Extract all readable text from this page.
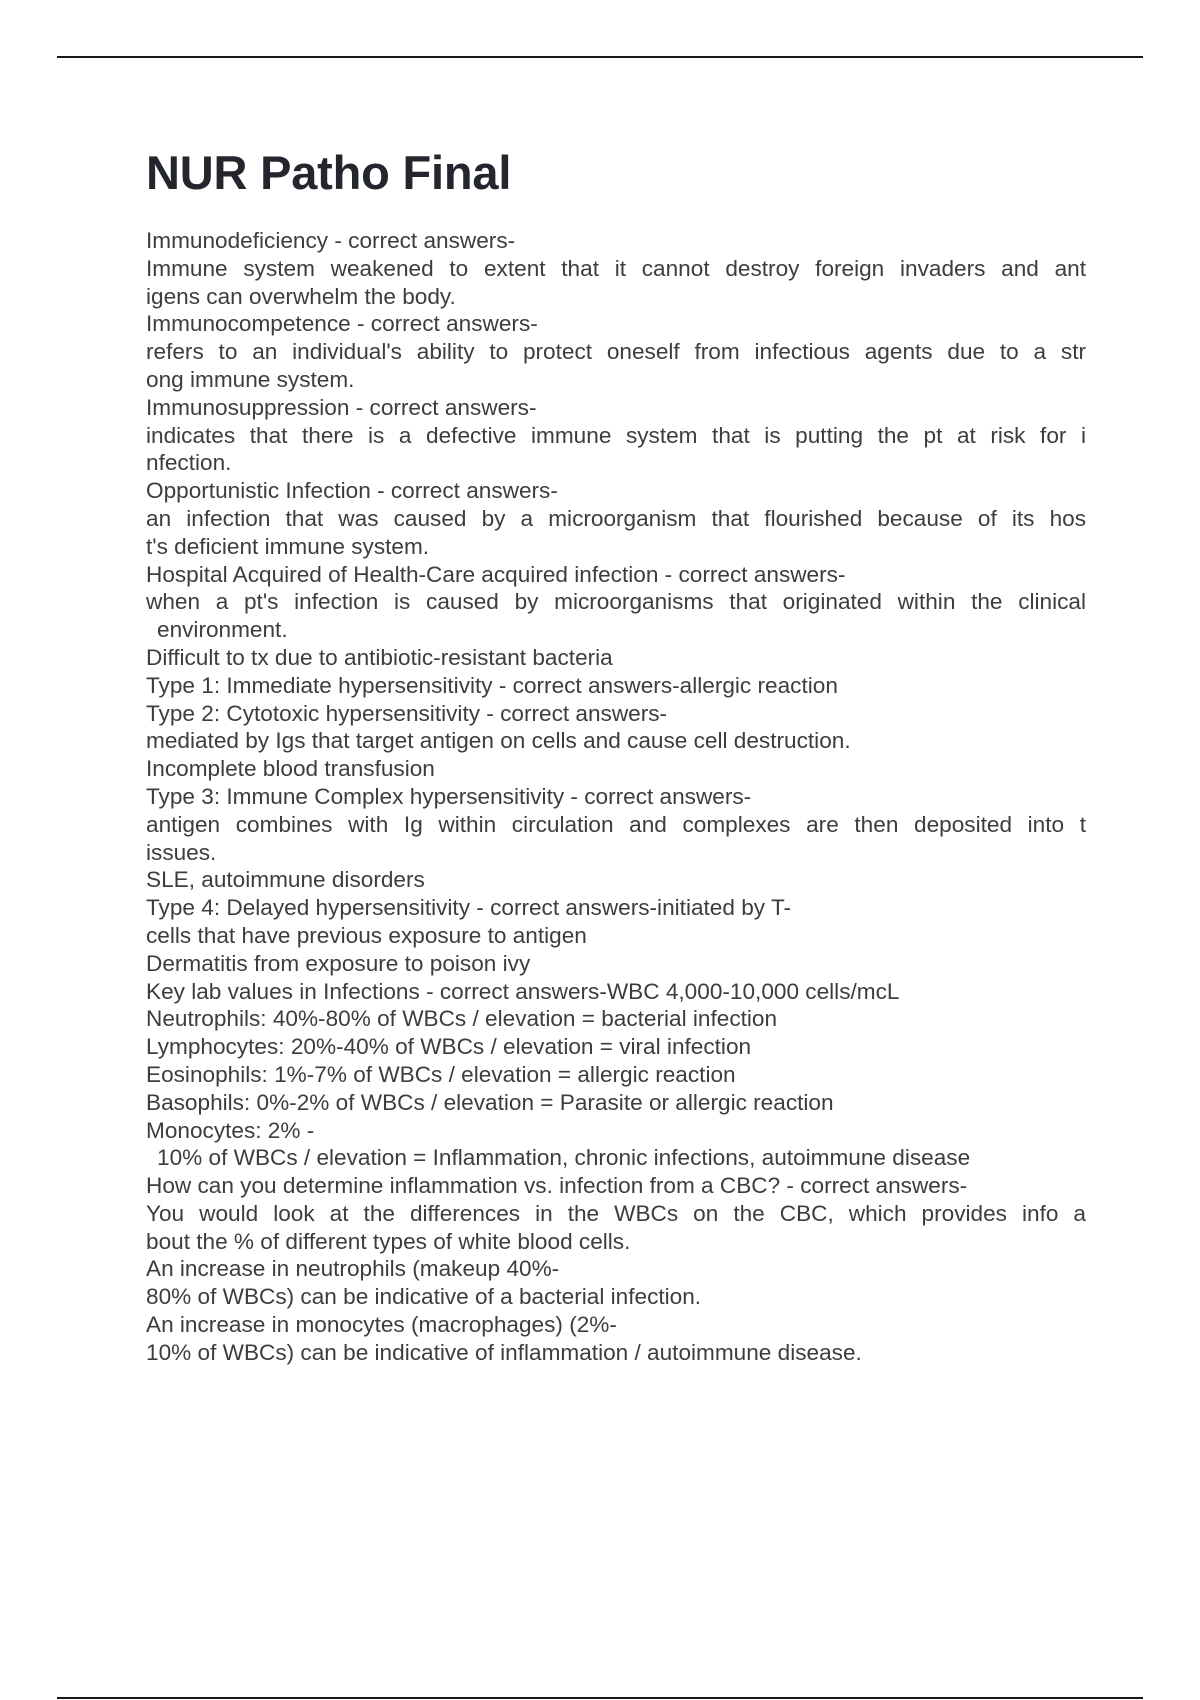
NUR Patho Final
Immunodeficiency - correct answers-
Immune system weakened to extent that it cannot destroy foreign invaders and ant
igens can overwhelm the body.
Immunocompetence - correct answers-
refers to an individual's ability to protect oneself from infectious agents due to a str
ong immune system.
Immunosuppression - correct answers-
indicates that there is a defective immune system that is putting the pt at risk for i
nfection.
Opportunistic Infection - correct answers-
an infection that was caused by a microorganism that flourished because of its hos
t's deficient immune system.
Hospital Acquired of Health-Care acquired infection - correct answers-
when a pt's infection is caused by microorganisms that originated within the clinical
environment.
Difficult to tx due to antibiotic-resistant bacteria
Type 1: Immediate hypersensitivity - correct answers-allergic reaction
Type 2: Cytotoxic hypersensitivity - correct answers-
mediated by Igs that target antigen on cells and cause cell destruction.
Incomplete blood transfusion
Type 3: Immune Complex hypersensitivity - correct answers-
antigen combines with Ig within circulation and complexes are then deposited into t
issues.
SLE, autoimmune disorders
Type 4: Delayed hypersensitivity - correct answers-initiated by T-
cells that have previous exposure to antigen
Dermatitis from exposure to poison ivy
Key lab values in Infections - correct answers-WBC 4,000-10,000 cells/mcL
Neutrophils: 40%-80% of WBCs / elevation = bacterial infection
Lymphocytes: 20%-40% of WBCs / elevation = viral infection
Eosinophils: 1%-7% of WBCs / elevation = allergic reaction
Basophils: 0%-2% of WBCs / elevation = Parasite or allergic reaction
Monocytes: 2% -
10% of WBCs / elevation = Inflammation, chronic infections, autoimmune disease
How can you determine inflammation vs. infection from a CBC? - correct answers-
You would look at the differences in the WBCs on the CBC, which provides info a
bout the % of different types of white blood cells.
An increase in neutrophils (makeup 40%-
80% of WBCs) can be indicative of a bacterial infection.
An increase in monocytes (macrophages) (2%-
10% of WBCs) can be indicative of inflammation / autoimmune disease.
